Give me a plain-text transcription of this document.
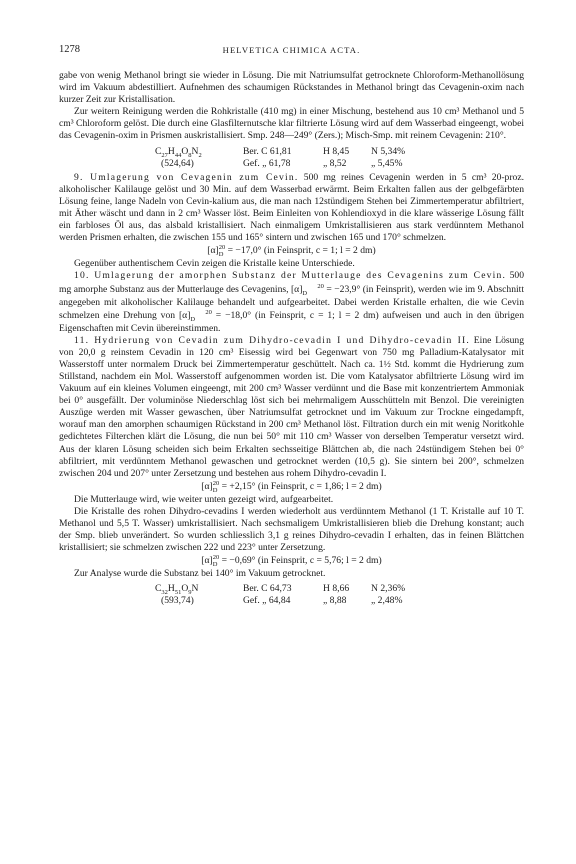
1278	HELVETICA CHIMICA ACTA.

gabe von wenig Methanol bringt sie wieder in Lösung. Die mit Natriumsulfat getrocknete Chloroform-Methanollösung wird im Vakuum abdestilliert. Aufnehmen des schaumigen Rückstandes in Methanol bringt das Cevagenin-oxim nach kurzer Zeit zur Kristallisation.

Zur weitern Reinigung werden die Rohkristalle (410 mg) in einer Mischung, bestehend aus 10 cm³ Methanol und 5 cm³ Chloroform gelöst. Die durch eine Glasfilternutsche klar filtrierte Lösung wird auf dem Wasserbad eingeengt, wobei das Cevagenin-oxim in Prismen auskristallisiert. Smp. 248—249° (Zers.); Misch-Smp. mit reinem Cevagenin: 210°.

$C_{27}H_{44}O_8N_2$	Ber. C 61,81	H 8,45	N 5,34%
(524,64)	Gef. „ 61,78	„ 8,52	„ 5,45%

9. Umlagerung von Cevagenin zum Cevin. 500 mg reines Cevagenin werden in 5 cm³ 20-proz. alkoholischer Kalilauge gelöst und 30 Min. auf dem Wasserbad erwärmt. Beim Erkalten fallen aus der gelbgefärbten Lösung feine, lange Nadeln von Cevin-kalium aus, die man nach 12stündigem Stehen bei Zimmertemperatur abfiltriert, mit Äther wäscht und dann in 2 cm³ Wasser löst. Beim Einleiten von Kohlendioxyd in die klare wässerige Lösung fällt ein farbloses Öl aus, das alsbald kristallisiert. Nach einmaligem Umkristallisieren aus stark verdünntem Methanol werden Prismen erhalten, die zwischen 155 und 165° sintern und zwischen 165 und 170° schmelzen.

[α]20
D = −17,0° (in Feinsprit, c = 1; l = 2 dm)

Gegenüber authentischem Cevin zeigen die Kristalle keine Unterschiede.

10. Umlagerung der amorphen Substanz der Mutterlauge des Cevagenins zum Cevin. 500 mg amorphe Substanz aus der Mutterlauge des Cevagenins, [α] 20
D = −23,9° (in Feinsprit), werden wie im 9. Abschnitt angegeben mit alkoholischer Kalilauge behandelt und aufgearbeitet. Dabei werden Kristalle erhalten, die wie Cevin schmelzen eine Drehung von [α] 20
D = −18,0° (in Feinsprit, c = 1; l = 2 dm) aufweisen und auch in den übrigen Eigenschaften mit Cevin übereinstimmen.

11. Hydrierung von Cevadin zum Dihydro-cevadin I und Dihydro-cevadin II. Eine Lösung von 20,0 g reinstem Cevadin in 120 cm³ Eisessig wird bei Gegenwart von 750 mg Palladium-Katalysator mit Wasserstoff unter normalem Druck bei Zimmertemperatur geschüttelt. Nach ca. 1½ Std. kommt die Hydrierung zum Stillstand, nachdem ein Mol. Wasserstoff aufgenommen worden ist. Die vom Katalysator abfiltrierte Lösung wird im Vakuum auf ein kleines Volumen eingeengt, mit 200 cm³ Wasser verdünnt und die Base mit konzentriertem Ammoniak bei 0° ausgefällt. Der voluminöse Niederschlag löst sich bei mehrmaligem Ausschütteln mit Benzol. Die vereinigten Auszüge werden mit Wasser gewaschen, über Natriumsulfat getrocknet und im Vakuum zur Trockne eingedampft, worauf man den amorphen schaumigen Rückstand in 200 cm³ Methanol löst. Filtration durch ein mit wenig Noritkohle gedichtetes Filterchen klärt die Lösung, die nun bei 50° mit 110 cm³ Wasser von derselben Temperatur versetzt wird. Aus der klaren Lösung scheiden sich beim Erkalten sechsseitige Blättchen ab, die nach 24stündigem Stehen bei 0° abfiltriert, mit verdünntem Methanol gewaschen und getrocknet werden (10,5 g). Sie sintern bei 200°, schmelzen zwischen 204 und 207° unter Zersetzung und bestehen aus rohem Dihydro-cevadin I.

[α]20
D = +2,15° (in Feinsprit, c = 1,86; l = 2 dm)

Die Mutterlauge wird, wie weiter unten gezeigt wird, aufgearbeitet.

Die Kristalle des rohen Dihydro-cevadins I werden wiederholt aus verdünntem Methanol (1 T. Kristalle auf 10 T. Methanol und 5,5 T. Wasser) umkristallisiert. Nach sechsmaligem Umkristallisieren blieb die Drehung konstant; auch der Smp. blieb unverändert. So wurden schliesslich 3,1 g reines Dihydro-cevadin I erhalten, das in feinen Blättchen kristallisiert; sie schmelzen zwischen 222 und 223° unter Zersetzung.

[α]20
D = −0,69° (in Feinsprit, c = 5,76; l = 2 dm)

Zur Analyse wurde die Substanz bei 140° im Vakuum getrocknet.

$C_{32}H_{51}O_9N$	Ber. C 64,73	H 8,66	N 2,36%
(593,74)	Gef. „ 64,84	„ 8,88	„ 2,48%
